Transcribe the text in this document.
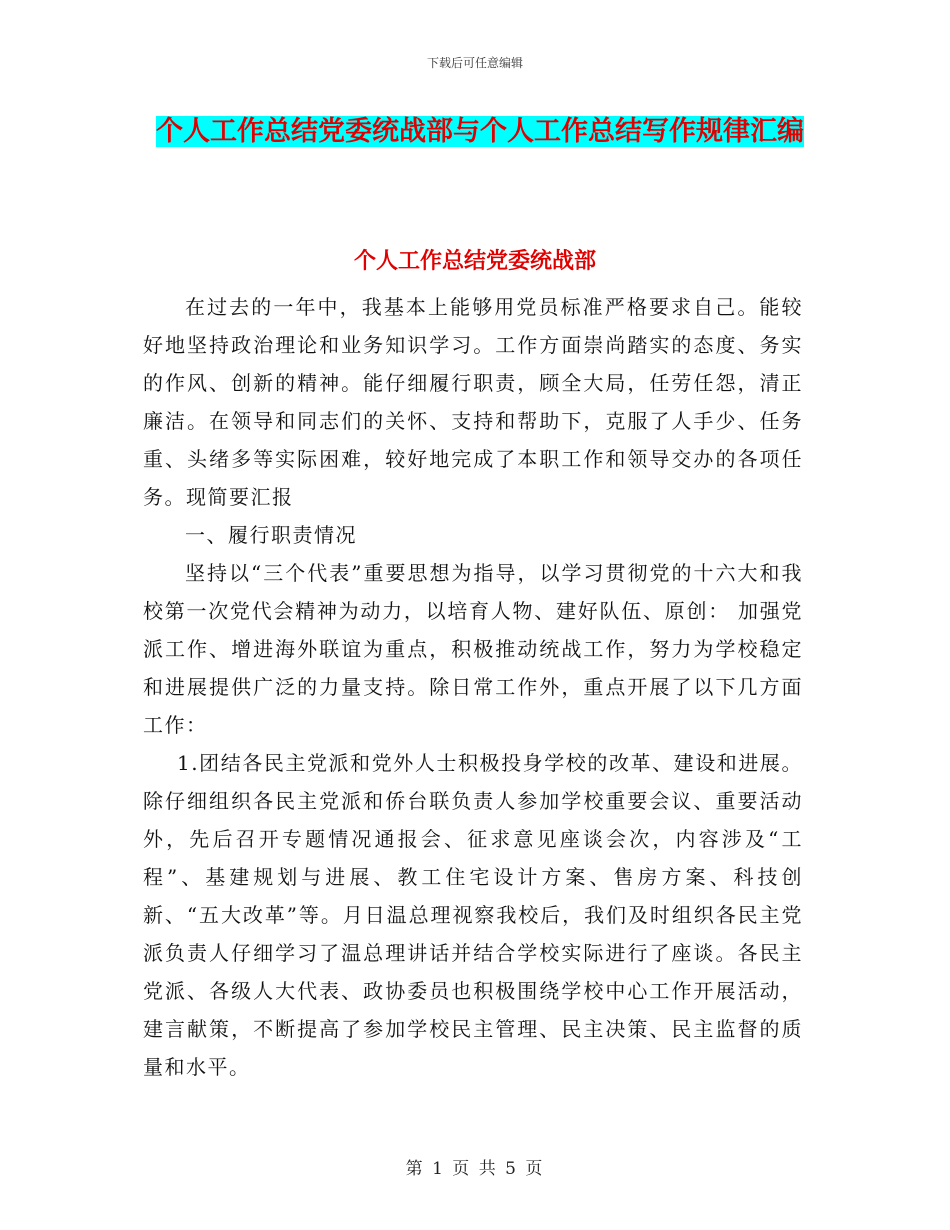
下载后可任意编辑
个人工作总结党委统战部与个人工作总结写作规律汇编
个人工作总结党委统战部

在过去的一年中，我基本上能够用党员标准严格要求自己。能较好地坚持政治理论和业务知识学习。工作方面崇尚踏实的态度、务实的作风、创新的精神。能仔细履行职责，顾全大局，任劳任怨，清正廉洁。在领导和同志们的关怀、支持和帮助下，克服了人手少、任务重、头绪多等实际困难，较好地完成了本职工作和领导交办的各项任务。现简要汇报

一、履行职责情况

坚持以“三个代表”重要思想为指导，以学习贯彻党的十六大和我校第一次党代会精神为动力，以培育人物、建好队伍、原创： 加强党派工作、增进海外联谊为重点，积极推动统战工作，努力为学校稳定和进展提供广泛的力量支持。除日常工作外，重点开展了以下几方面工作：

1.团结各民主党派和党外人士积极投身学校的改革、建设和进展。除仔细组织各民主党派和侨台联负责人参加学校重要会议、重要活动外，先后召开专题情况通报会、征求意见座谈会次，内容涉及“工程”、基建规划与进展、教工住宅设计方案、售房方案、科技创新、“五大改革”等。月日温总理视察我校后，我们及时组织各民主党派负责人仔细学习了温总理讲话并结合学校实际进行了座谈。各民主党派、各级人大代表、政协委员也积极围绕学校中心工作开展活动，建言献策，不断提高了参加学校民主管理、民主决策、民主监督的质量和水平。

第 1 页 共 5 页
